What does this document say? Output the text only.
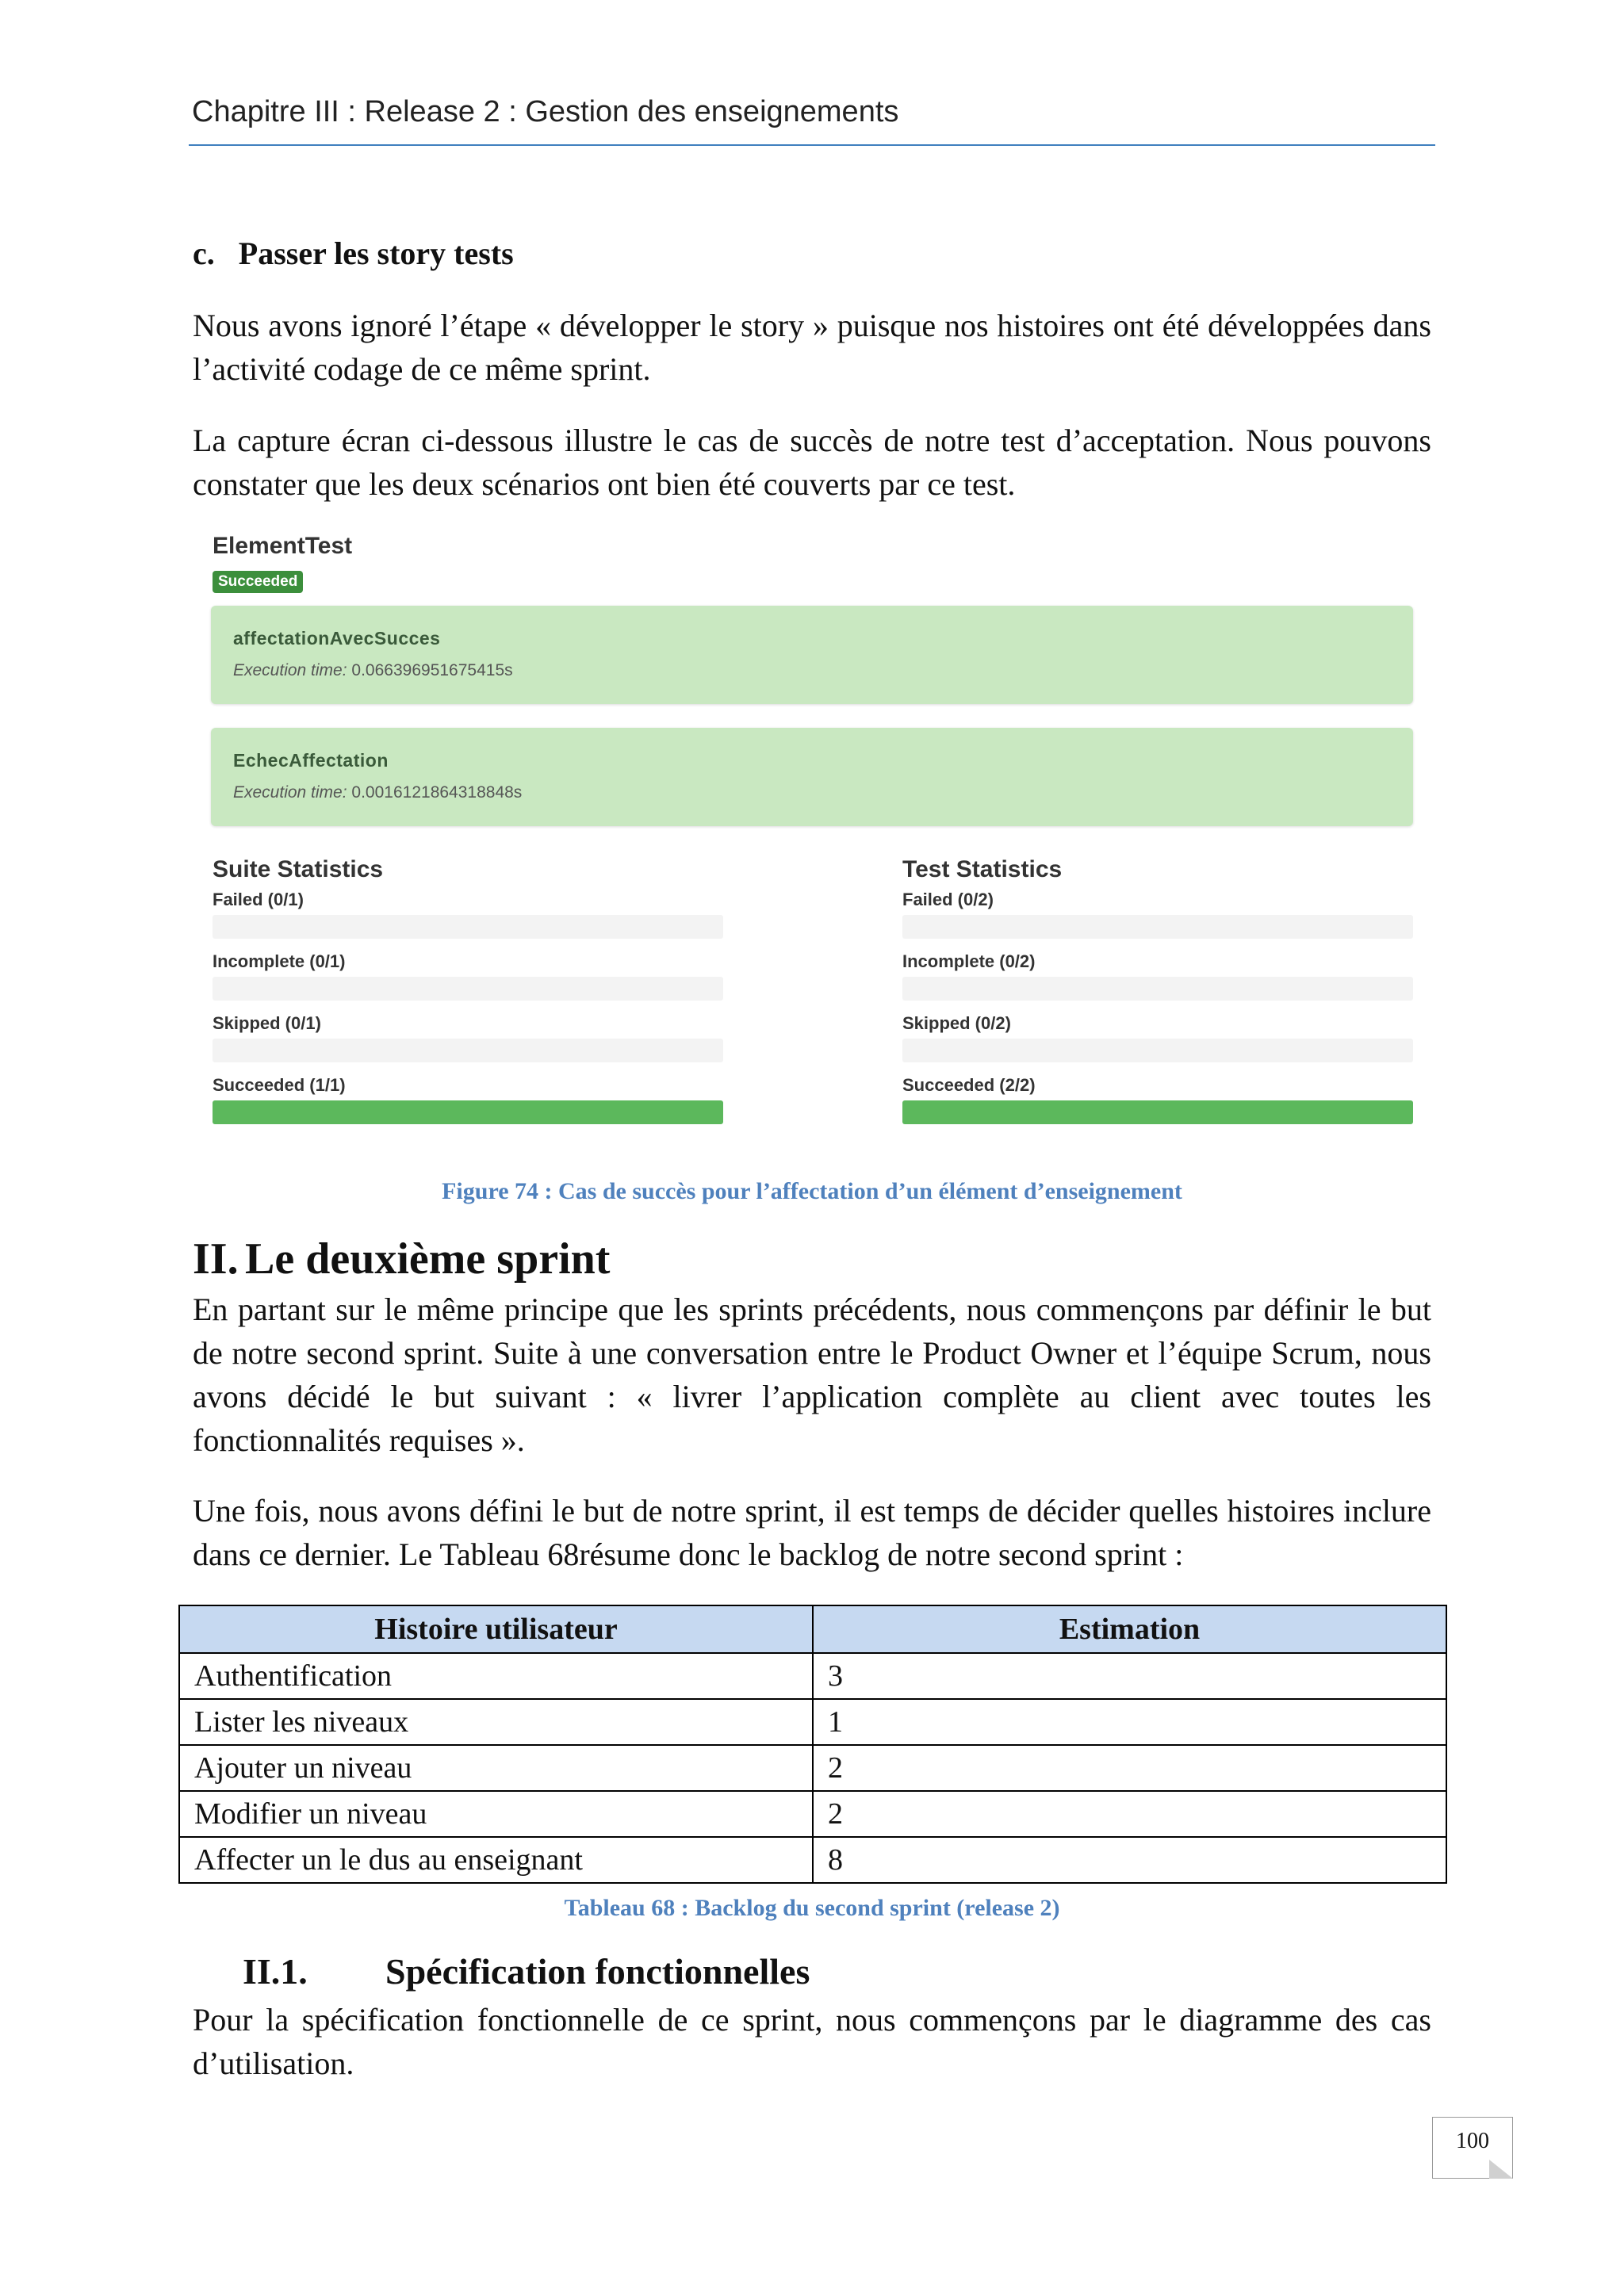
Chapitre III : Release 2 : Gestion des enseignements
c.  Passer les story tests
Nous avons ignoré l’étape « développer le story » puisque nos histoires ont été développées dans l’activité codage de ce même sprint.
La capture écran ci-dessous illustre le cas de succès de notre test d’acceptation. Nous pouvons constater que les deux scénarios ont bien été couverts par ce test.
ElementTest
Succeeded
affectationAvecSucces
Execution time: 0.066396951675415s
EchecAffectation
Execution time: 0.0016121864318848s
Suite Statistics
Failed (0/1)
Incomplete (0/1)
Skipped (0/1)
Succeeded (1/1)
Test Statistics
Failed (0/2)
Incomplete (0/2)
Skipped (0/2)
Succeeded (2/2)
Figure 74 : Cas de succès pour l’affectation d’un élément d’enseignement
II. Le deuxième sprint
En partant sur le même principe que les sprints précédents, nous commençons par définir le but de notre second sprint. Suite à une conversation entre le Product Owner et l’équipe Scrum, nous avons décidé le but suivant : « livrer l’application complète au client avec toutes les fonctionnalités requises ».
Une fois, nous avons défini le but de notre sprint, il est temps de décider quelles histoires inclure dans ce dernier. Le Tableau 68résume donc le backlog de notre second sprint :
Histoire utilisateur	Estimation
Authentification	3
Lister les niveaux	1
Ajouter un niveau	2
Modifier un niveau	2
Affecter un le dus au enseignant	8
Tableau 68 : Backlog du second sprint (release 2)
II.1. Spécification fonctionnelles
Pour la spécification fonctionnelle de ce sprint, nous commençons par le diagramme des cas d’utilisation.
100
